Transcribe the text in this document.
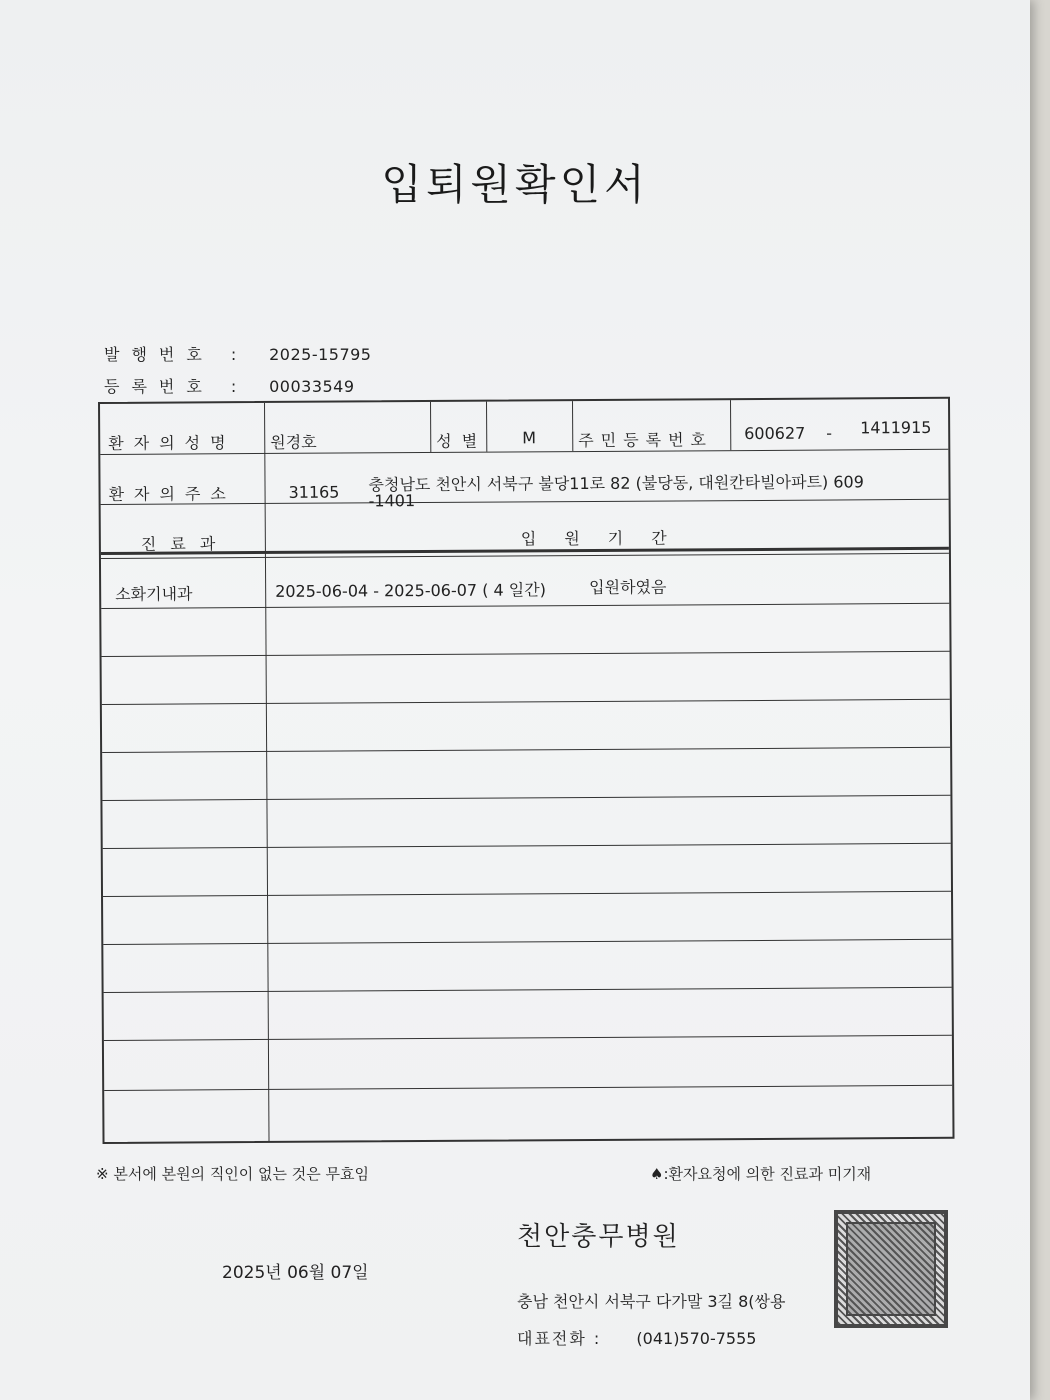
입퇴원확인서
발행번호 : 2025-15795
등록번호 : 00033549
환자의성명 원경호	성별 M	주민등록번호 600627 - 1411915
환자의주소	31165 충청남도 천안시 서북구 불당11로 82 (불당동, 대원칸타빌아파트) 609
-1401
진료과	입원기간
소화기내과	2025-06-04 - 2025-06-07 ( 4 일간)	입원하였음
※ 본서에 본원의 직인이 없는 것은 무효임	♠:환자요청에 의한 진료과 미기재
천안충무병원
2025년 06월 07일
충남 천안시 서북구 다가말 3길 8(쌍용
대표전화 : (041)570-7555
